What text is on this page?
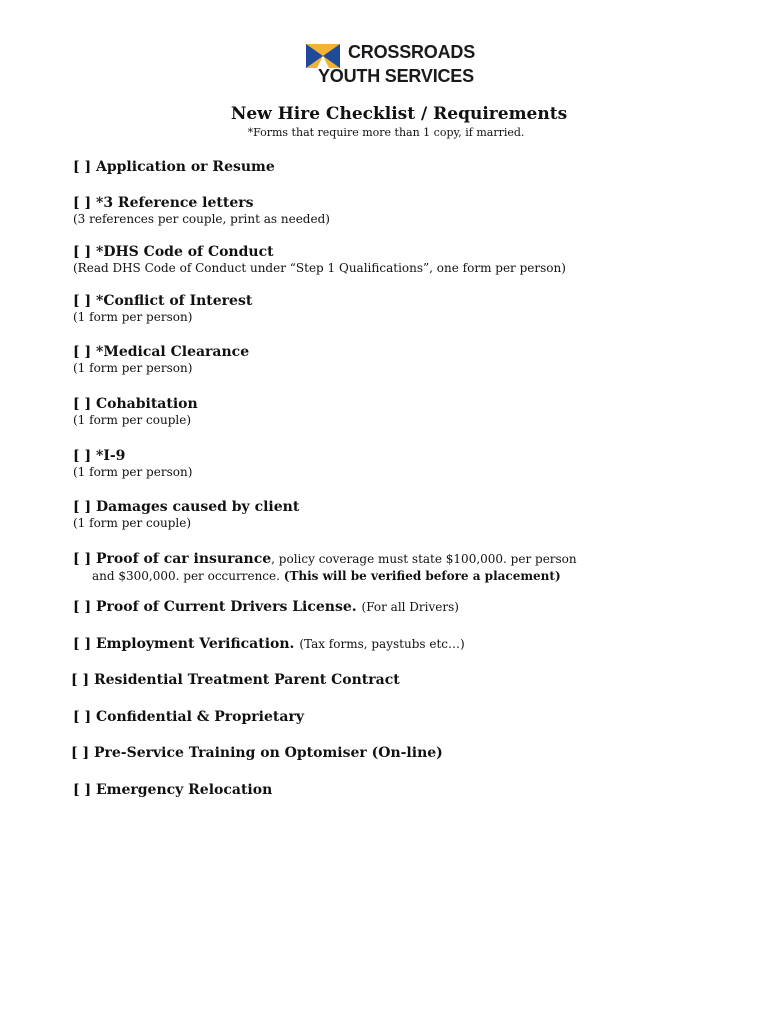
CROSSROADS
YOUTH SERVICES
New Hire Checklist / Requirements
*Forms that require more than 1 copy, if married.
[ ] Application or Resume
[ ] *3 Reference letters
(3 references per couple, print as needed)
[ ] *DHS Code of Conduct
(Read DHS Code of Conduct under “Step 1 Qualifications”, one form per person)
[ ] *Conflict of Interest
(1 form per person)
[ ] *Medical Clearance
(1 form per person)
[ ] Cohabitation
(1 form per couple)
[ ] *I-9
(1 form per person)
[ ] Damages caused by client
(1 form per couple)
[ ] Proof of car insurance, policy coverage must state $100,000. per person
and $300,000. per occurrence. (This will be verified before a placement)
[ ] Proof of Current Drivers License. (For all Drivers)
[ ] Employment Verification. (Tax forms, paystubs etc…)
[ ] Residential Treatment Parent Contract
[ ] Confidential & Proprietary
[ ] Pre-Service Training on Optomiser (On-line)
[ ] Emergency Relocation
